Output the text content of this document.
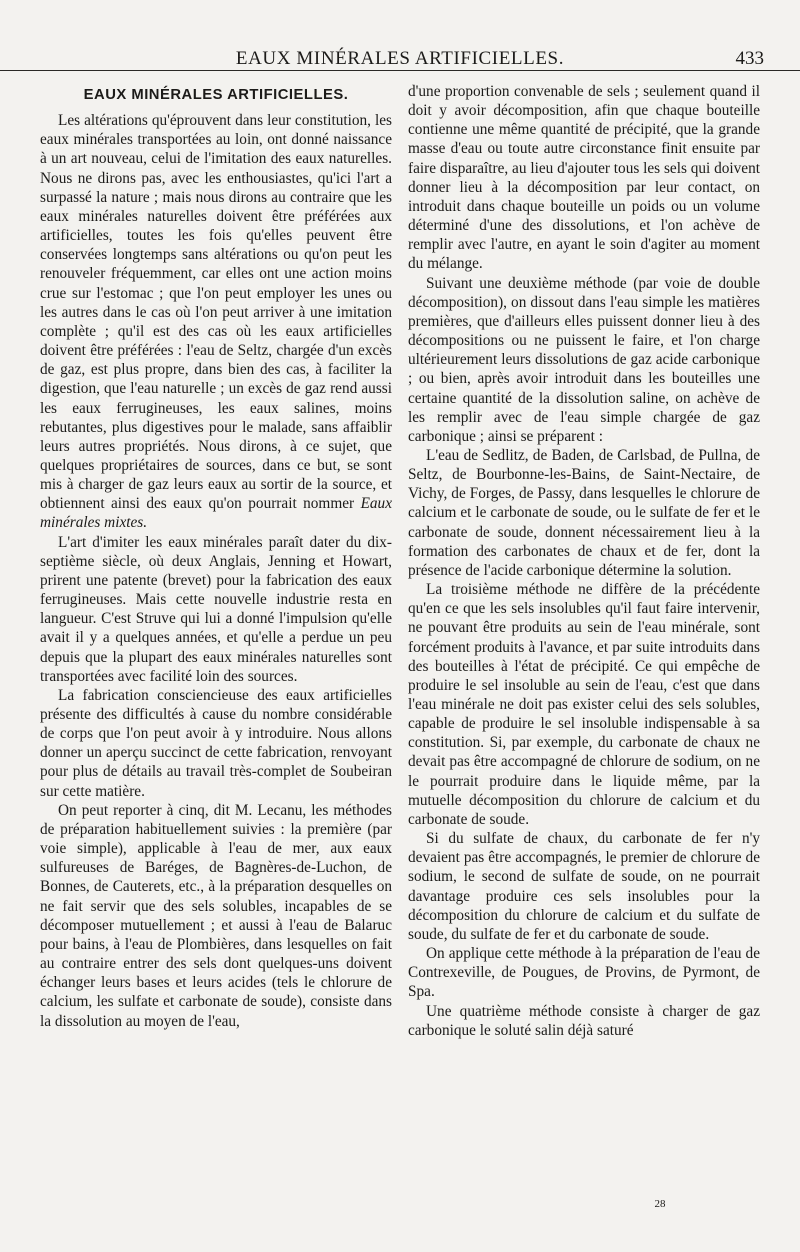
EAUX MINÉRALES ARTIFICIELLES.	433
EAUX MINÉRALES ARTIFICIELLES.

Les altérations qu'éprouvent dans leur constitution, les eaux minérales transportées au loin, ont donné naissance à un art nouveau, celui de l'imitation des eaux naturelles. Nous ne dirons pas, avec les enthousiastes, qu'ici l'art a surpassé la nature ; mais nous dirons au contraire que les eaux minérales naturelles doivent être préférées aux artificielles, toutes les fois qu'elles peuvent être conservées longtemps sans altérations ou qu'on peut les renouveler fréquemment, car elles ont une action moins crue sur l'estomac ; que l'on peut employer les unes ou les autres dans le cas où l'on peut arriver à une imitation complète ; qu'il est des cas où les eaux artificielles doivent être préférées : l'eau de Seltz, chargée d'un excès de gaz, est plus propre, dans bien des cas, à faciliter la digestion, que l'eau naturelle ; un excès de gaz rend aussi les eaux ferrugineuses, les eaux salines, moins rebutantes, plus digestives pour le malade, sans affaiblir leurs autres propriétés. Nous dirons, à ce sujet, que quelques propriétaires de sources, dans ce but, se sont mis à charger de gaz leurs eaux au sortir de la source, et obtiennent ainsi des eaux qu'on pourrait nommer Eaux minérales mixtes.

L'art d'imiter les eaux minérales paraît dater du dix-septième siècle, où deux Anglais, Jenning et Howart, prirent une patente (brevet) pour la fabrication des eaux ferrugineuses. Mais cette nouvelle industrie resta en langueur. C'est Struve qui lui a donné l'impulsion qu'elle avait il y a quelques années, et qu'elle a perdue un peu depuis que la plupart des eaux minérales naturelles sont transportées avec facilité loin des sources.

La fabrication consciencieuse des eaux artificielles présente des difficultés à cause du nombre considérable de corps que l'on peut avoir à y introduire. Nous allons donner un aperçu succinct de cette fabrication, renvoyant pour plus de détails au travail très-complet de Soubeiran sur cette matière.

On peut reporter à cinq, dit M. Lecanu, les méthodes de préparation habituellement suivies : la première (par voie simple), applicable à l'eau de mer, aux eaux sulfureuses de Baréges, de Bagnères-de-Luchon, de Bonnes, de Cauterets, etc., à la préparation desquelles on ne fait servir que des sels solubles, incapables de se décomposer mutuellement ; et aussi à l'eau de Balaruc pour bains, à l'eau de Plombières, dans lesquelles on fait au contraire entrer des sels dont quelques-uns doivent échanger leurs bases et leurs acides (tels le chlorure de calcium, les sulfate et carbonate de soude), consiste dans la dissolution au moyen de l'eau,

d'une proportion convenable de sels ; seulement quand il doit y avoir décomposition, afin que chaque bouteille contienne une même quantité de précipité, que la grande masse d'eau ou toute autre circonstance finit ensuite par faire disparaître, au lieu d'ajouter tous les sels qui doivent donner lieu à la décomposition par leur contact, on introduit dans chaque bouteille un poids ou un volume déterminé d'une des dissolutions, et l'on achève de remplir avec l'autre, en ayant le soin d'agiter au moment du mélange.

Suivant une deuxième méthode (par voie de double décomposition), on dissout dans l'eau simple les matières premières, que d'ailleurs elles puissent donner lieu à des décompositions ou ne puissent le faire, et l'on charge ultérieurement leurs dissolutions de gaz acide carbonique ; ou bien, après avoir introduit dans les bouteilles une certaine quantité de la dissolution saline, on achève de les remplir avec de l'eau simple chargée de gaz carbonique ; ainsi se préparent :

L'eau de Sedlitz, de Baden, de Carlsbad, de Pullna, de Seltz, de Bourbonne-les-Bains, de Saint-Nectaire, de Vichy, de Forges, de Passy, dans lesquelles le chlorure de calcium et le carbonate de soude, ou le sulfate de fer et le carbonate de soude, donnent nécessairement lieu à la formation des carbonates de chaux et de fer, dont la présence de l'acide carbonique détermine la solution.

La troisième méthode ne diffère de la précédente qu'en ce que les sels insolubles qu'il faut faire intervenir, ne pouvant être produits au sein de l'eau minérale, sont forcément produits à l'avance, et par suite introduits dans des bouteilles à l'état de précipité. Ce qui empêche de produire le sel insoluble au sein de l'eau, c'est que dans l'eau minérale ne doit pas exister celui des sels solubles, capable de produire le sel insoluble indispensable à sa constitution. Si, par exemple, du carbonate de chaux ne devait pas être accompagné de chlorure de sodium, on ne le pourrait produire dans le liquide même, par la mutuelle décomposition du chlorure de calcium et du carbonate de soude.

Si du sulfate de chaux, du carbonate de fer n'y devaient pas être accompagnés, le premier de chlorure de sodium, le second de sulfate de soude, on ne pourrait davantage produire ces sels insolubles pour la décomposition du chlorure de calcium et du sulfate de soude, du sulfate de fer et du carbonate de soude.

On applique cette méthode à la préparation de l'eau de Contrexeville, de Pougues, de Provins, de Pyrmont, de Spa.

Une quatrième méthode consiste à charger de gaz carbonique le soluté salin déjà saturé

28
